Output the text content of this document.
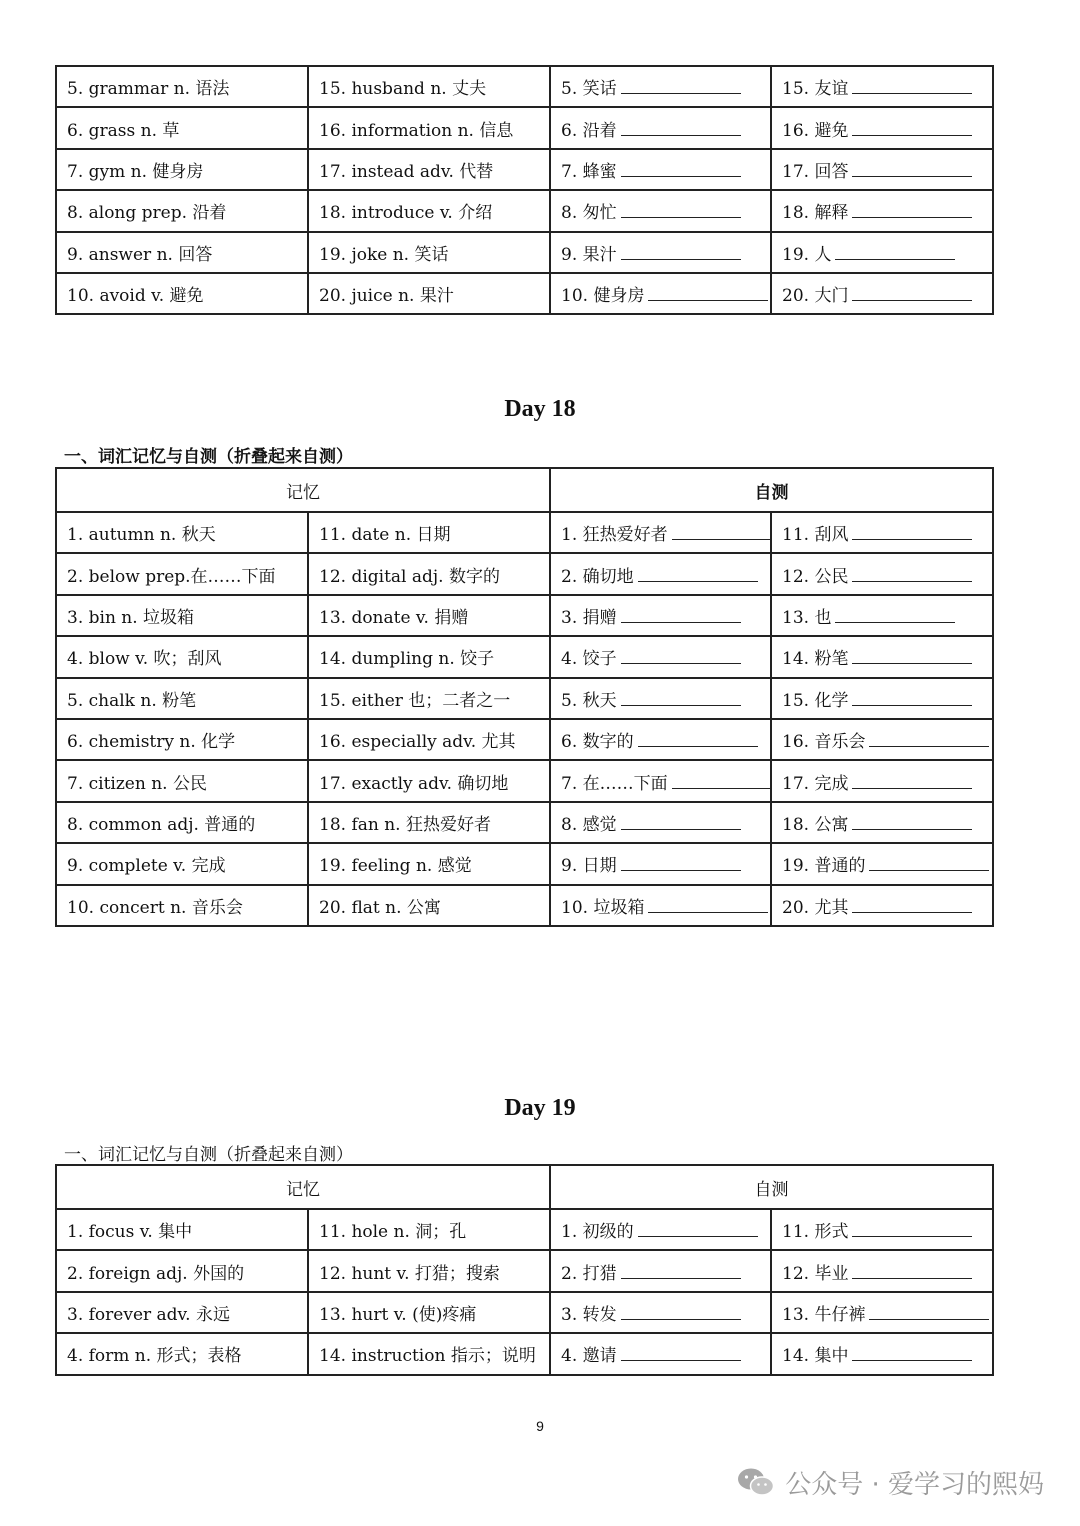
5. grammar n. 语法	15. husband n. 丈夫	5. 笑话	15. 友谊
6. grass n. 草	16. information n. 信息	6. 沿着	16. 避免
7. gym n. 健身房	17. instead adv. 代替	7. 蜂蜜	17. 回答
8. along prep. 沿着	18. introduce v. 介绍	8. 匆忙	18. 解释
9. answer n. 回答	19. joke n. 笑话	9. 果汁	19. 人
10. avoid v. 避免	20. juice n. 果汁	10. 健身房	20. 大门
Day 18
一、词汇记忆与自测（折叠起来自测）
记忆		自测	
1. autumn n. 秋天	11. date n. 日期	1. 狂热爱好者	11. 刮风
2. below prep.在……下面	12. digital adj. 数字的	2. 确切地	12. 公民
3. bin n. 垃圾箱	13. donate v. 捐赠	3. 捐赠	13. 也
4. blow v. 吹；刮风	14. dumpling n. 饺子	4. 饺子	14. 粉笔
5. chalk n. 粉笔	15. either 也；二者之一	5. 秋天	15. 化学
6. chemistry n. 化学	16. especially adv. 尤其	6. 数字的	16. 音乐会
7. citizen n. 公民	17. exactly adv. 确切地	7. 在……下面	17. 完成
8. common adj. 普通的	18. fan n. 狂热爱好者	8. 感觉	18. 公寓
9. complete v. 完成	19. feeling n. 感觉	9. 日期	19. 普通的
10. concert n. 音乐会	20. flat n. 公寓	10. 垃圾箱	20. 尤其
Day 19
一、词汇记忆与自测（折叠起来自测）
记忆		自测	
1. focus v. 集中	11. hole n. 洞；孔	1. 初级的	11. 形式
2. foreign adj. 外国的	12. hunt v. 打猎；搜索	2. 打猎	12. 毕业
3. forever adv. 永远	13. hurt v. (使)疼痛	3. 转发	13. 牛仔裤
4. form n. 形式；表格	14. instruction 指示；说明	4. 邀请	14. 集中
9
公众号 · 爱学习的熙妈
